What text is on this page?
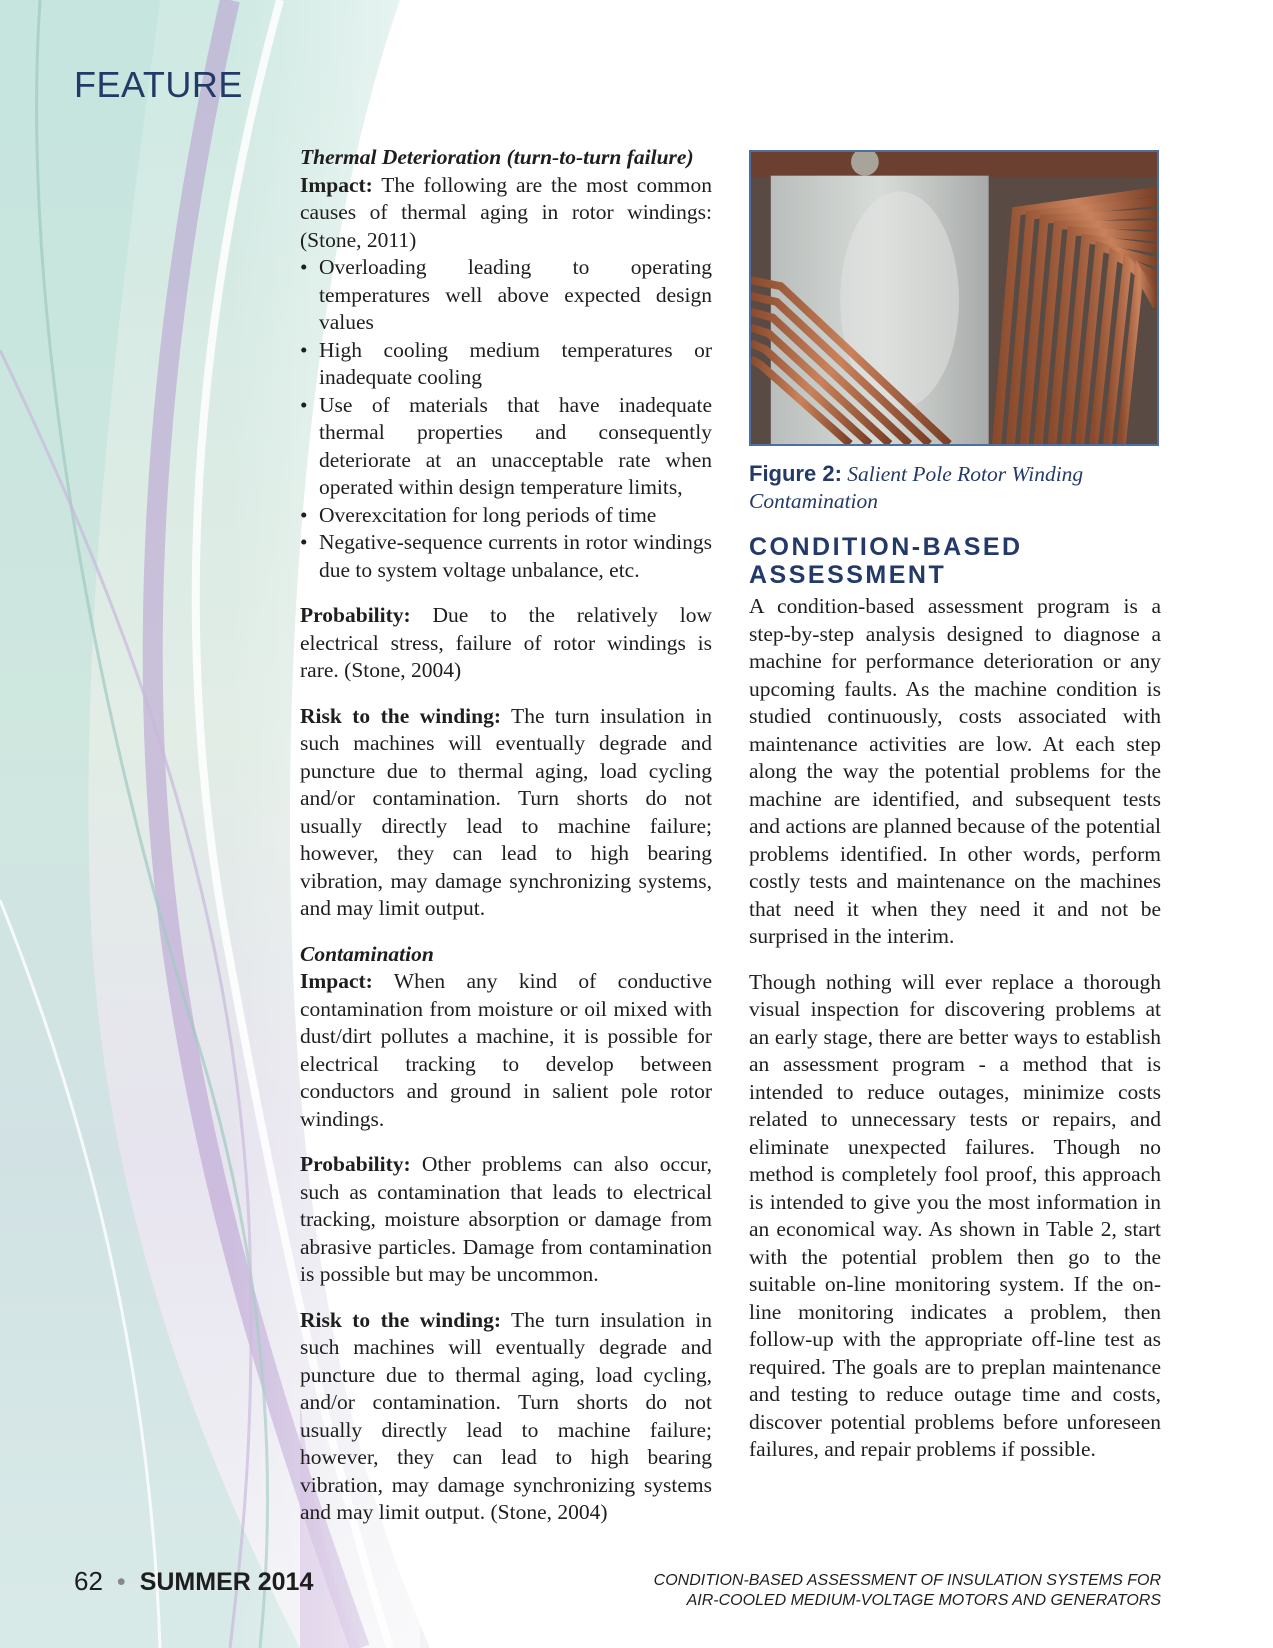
FEATURE
Thermal Deterioration (turn-to-turn failure)

Impact: The following are the most common causes of thermal aging in rotor windings: (Stone, 2011)

• Overloading leading to operating temperatures well above expected design values
• High cooling medium temperatures or inadequate cooling
• Use of materials that have inadequate thermal properties and consequently deteriorate at an unacceptable rate when operated within design temperature limits,
• Overexcitation for long periods of time
• Negative-sequence currents in rotor windings due to system voltage unbalance, etc.

Probability: Due to the relatively low electrical stress, failure of rotor windings is rare. (Stone, 2004)

Risk to the winding: The turn insulation in such machines will eventually degrade and puncture due to thermal aging, load cycling and/or contamination. Turn shorts do not usually directly lead to machine failure; however, they can lead to high bearing vibration, may damage synchronizing systems, and may limit output.

Contamination

Impact: When any kind of conductive contamination from moisture or oil mixed with dust/dirt pollutes a machine, it is possible for electrical tracking to develop between conductors and ground in salient pole rotor windings.

Probability: Other problems can also occur, such as contamination that leads to electrical tracking, moisture absorption or damage from abrasive particles. Damage from contamination is possible but may be uncommon.

Risk to the winding: The turn insulation in such machines will eventually degrade and puncture due to thermal aging, load cycling, and/or contamination. Turn shorts do not usually directly lead to machine failure; however, they can lead to high bearing vibration, may damage synchronizing systems and may limit output. (Stone, 2004)

Figure 2: Salient Pole Rotor Winding Contamination

CONDITION-BASED ASSESSMENT

A condition-based assessment program is a step-by-step analysis designed to diagnose a machine for performance deterioration or any upcoming faults. As the machine condition is studied continuously, costs associated with maintenance activities are low. At each step along the way the potential problems for the machine are identified, and subsequent tests and actions are planned because of the potential problems identified. In other words, perform costly tests and maintenance on the machines that need it when they need it and not be surprised in the interim.

Though nothing will ever replace a thorough visual inspection for discovering problems at an early stage, there are better ways to establish an assessment program - a method that is intended to reduce outages, minimize costs related to unnecessary tests or repairs, and eliminate unexpected failures. Though no method is completely fool proof, this approach is intended to give you the most information in an economical way. As shown in Table 2, start with the potential problem then go to the suitable on-line monitoring system. If the on-line monitoring indicates a problem, then follow-up with the appropriate off-line test as required. The goals are to preplan maintenance and testing to reduce outage time and costs, discover potential problems before unforeseen failures, and repair problems if possible.

62 • SUMMER 2014	CONDITION-BASED ASSESSMENT OF INSULATION SYSTEMS FOR
AIR-COOLED MEDIUM-VOLTAGE MOTORS AND GENERATORS
